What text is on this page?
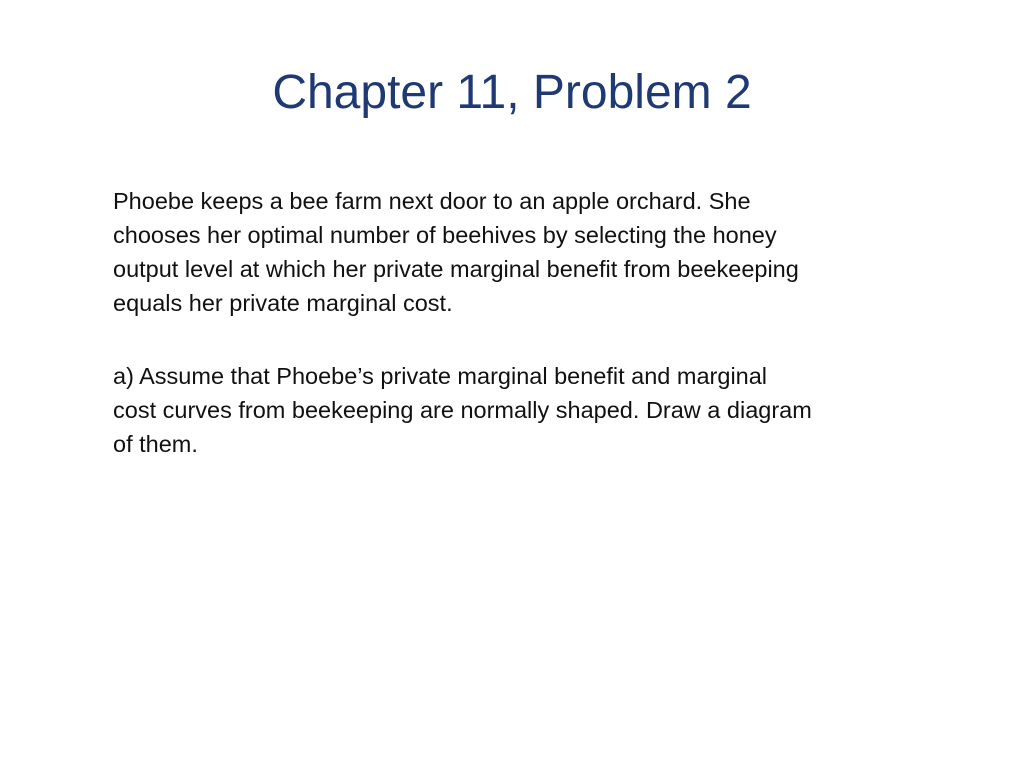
Chapter 11, Problem 2

Phoebe keeps a bee farm next door to an apple orchard. She
chooses her optimal number of beehives by selecting the honey
output level at which her private marginal benefit from beekeeping
equals her private marginal cost.

a) Assume that Phoebe’s private marginal benefit and marginal
cost curves from beekeeping are normally shaped. Draw a diagram
of them.
